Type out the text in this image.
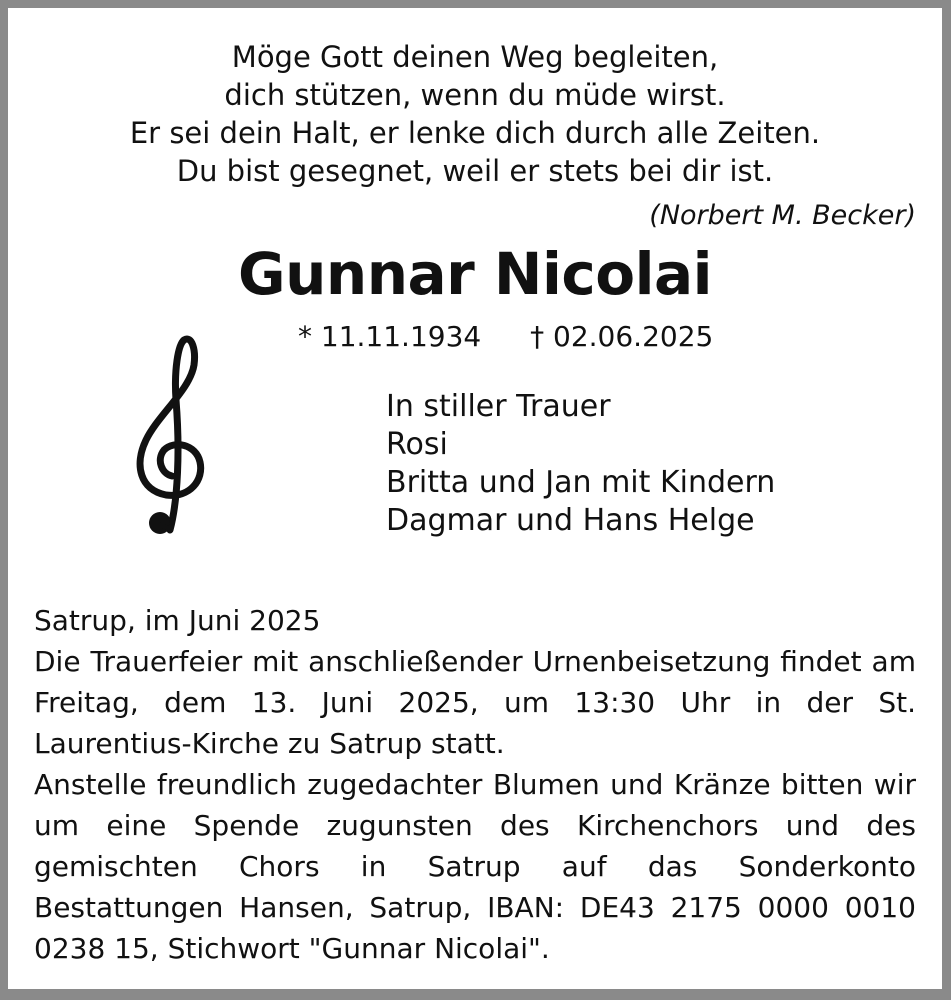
Möge Gott deinen Weg begleiten,
dich stützen, wenn du müde wirst.
Er sei dein Halt, er lenke dich durch alle Zeiten.
Du bist gesegnet, weil er stets bei dir ist.
(Norbert M. Becker)
Gunnar Nicolai
* 11.11.1934 † 02.06.2025
In stiller Trauer
Rosi
Britta und Jan mit Kindern
Dagmar und Hans Helge

Satrup, im Juni 2025

Die Trauerfeier mit anschließender Urnenbeisetzung findet am Freitag, dem 13. Juni 2025, um 13:30 Uhr in der St. Laurentius-Kirche zu Satrup statt.

Anstelle freundlich zugedachter Blumen und Kränze bitten wir um eine Spende zugunsten des Kirchenchors und des gemischten Chors in Satrup auf das Sonderkonto Bestattungen Hansen, Satrup, IBAN: DE43 2175 0000 0010 0238 15, Stichwort "Gunnar Nicolai".
